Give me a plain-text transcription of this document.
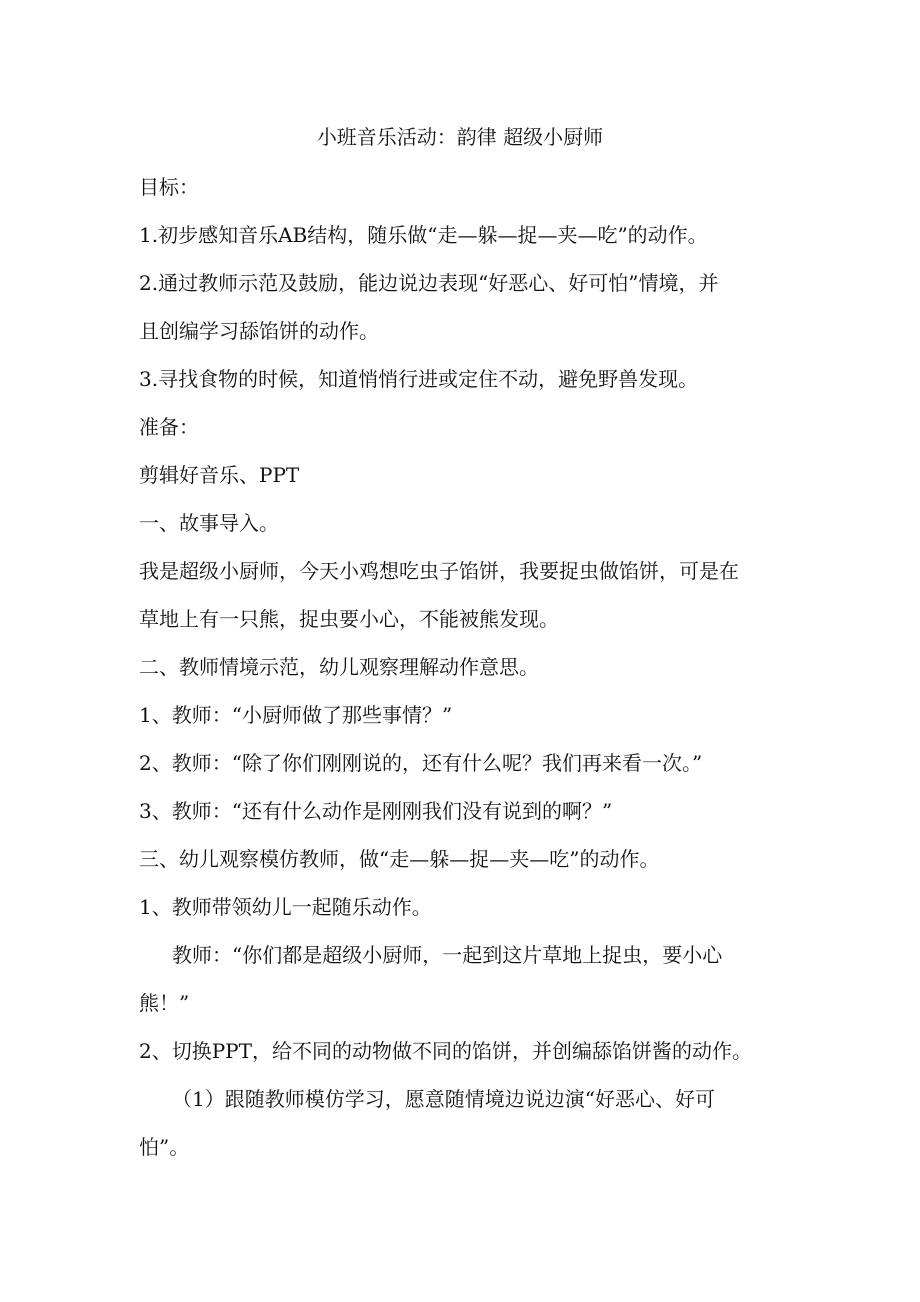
小班音乐活动：韵律 超级小厨师
目标：
1.初步感知音乐AB结构，随乐做“走—躲—捉—夹—吃”的动作。
2.通过教师示范及鼓励，能边说边表现“好恶心、好可怕”情境，并
且创编学习舔馅饼的动作。
3.寻找食物的时候，知道悄悄行进或定住不动，避免野兽发现。
准备：
剪辑好音乐、PPT
一、故事导入。
我是超级小厨师，今天小鸡想吃虫子馅饼，我要捉虫做馅饼，可是在
草地上有一只熊，捉虫要小心，不能被熊发现。
二、教师情境示范，幼儿观察理解动作意思。
1、教师：“小厨师做了那些事情？”
2、教师：“除了你们刚刚说的，还有什么呢？我们再来看一次。”
3、教师：“还有什么动作是刚刚我们没有说到的啊？”
三、幼儿观察模仿教师，做“走—躲—捉—夹—吃”的动作。
1、教师带领幼儿一起随乐动作。
教师：“你们都是超级小厨师，一起到这片草地上捉虫，要小心
熊！”
2、切换PPT，给不同的动物做不同的馅饼，并创编舔馅饼酱的动作。
（1）跟随教师模仿学习，愿意随情境边说边演“好恶心、好可
怕”。
